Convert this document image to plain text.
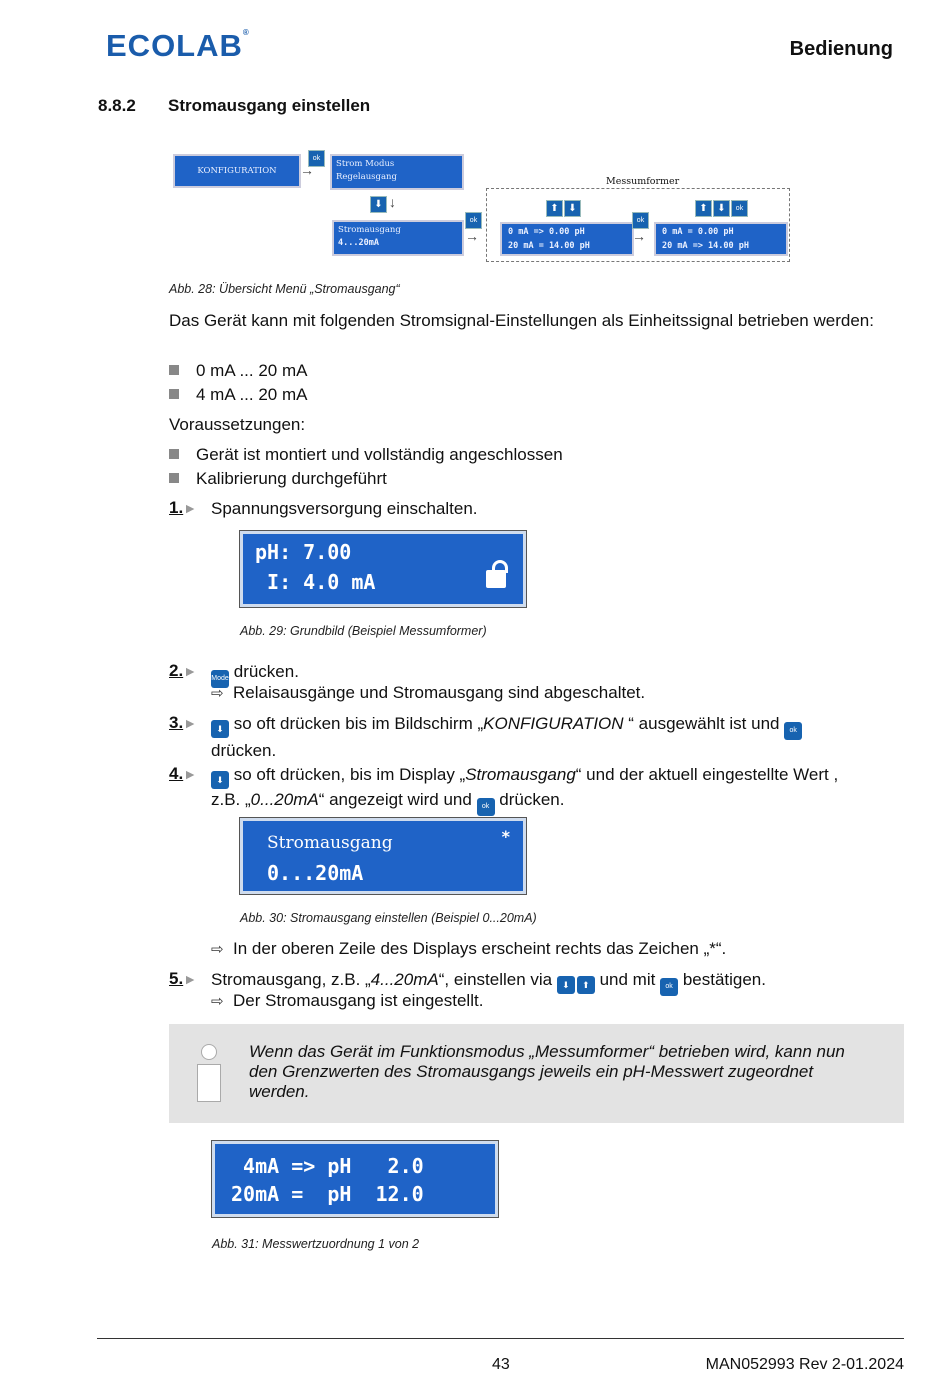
ECOLAB®
Bedienung
8.8.2 Stromausgang einstellen
KONFIGURATION
ok
→	Strom Modus
Regelausgang
⬇ ↓
Stromausgang
4...20mA
ok
→
Messumformer
⬆ ⬇
0 mA => 0.00 pH
20 mA = 14.00 pH
ok
→
⬆ ⬇	ok
0 mA = 0.00 pH
20 mA => 14.00 pH
Abb. 28: Übersicht Menü „Stromausgang“
Das Gerät kann mit folgenden Stromsignal-Einstellungen als Einheitssignal betrieben werden:
0 mA ... 20 mA
4 mA ... 20 mA
Voraussetzungen:
Gerät ist montiert und vollständig angeschlossen
Kalibrierung durchgeführt
1.► Spannungsversorgung einschalten.
pH: 7.00
I: 4.0 mA
Abb. 29: Grundbild (Beispiel Messumformer)
2.► Mode drücken.
⇨ Relaisausgänge und Stromausgang sind abgeschaltet.
3.►	⬇ so oft drücken bis im Bildschirm „KONFIGURATION “ ausgewählt ist und ok
drücken.
4.►	⬇ so oft drücken, bis im Display „Stromausgang“ und der aktuell eingestellte Wert ,
z.B. „0...20mA“ angezeigt wird und ok drücken.
Stromausgang	*
0...20mA
Abb. 30: Stromausgang einstellen (Beispiel 0...20mA)
⇨ In der oberen Zeile des Displays erscheint rechts das Zeichen „*“.
5.► Stromausgang, z.B. „4...20mA“, einstellen via ⬇ ⬆ und mit ok bestätigen.
⇨ Der Stromausgang ist eingestellt.
Wenn das Gerät im Funktionsmodus „Messumformer“ betrieben wird, kann nun den Grenzwerten des Stromausgangs jeweils ein pH-Messwert zugeordnet werden.
4mA => pH   2.0
20mA =  pH  12.0
Abb. 31: Messwertzuordnung 1 von 2
43	MAN052993 Rev 2-01.2024
